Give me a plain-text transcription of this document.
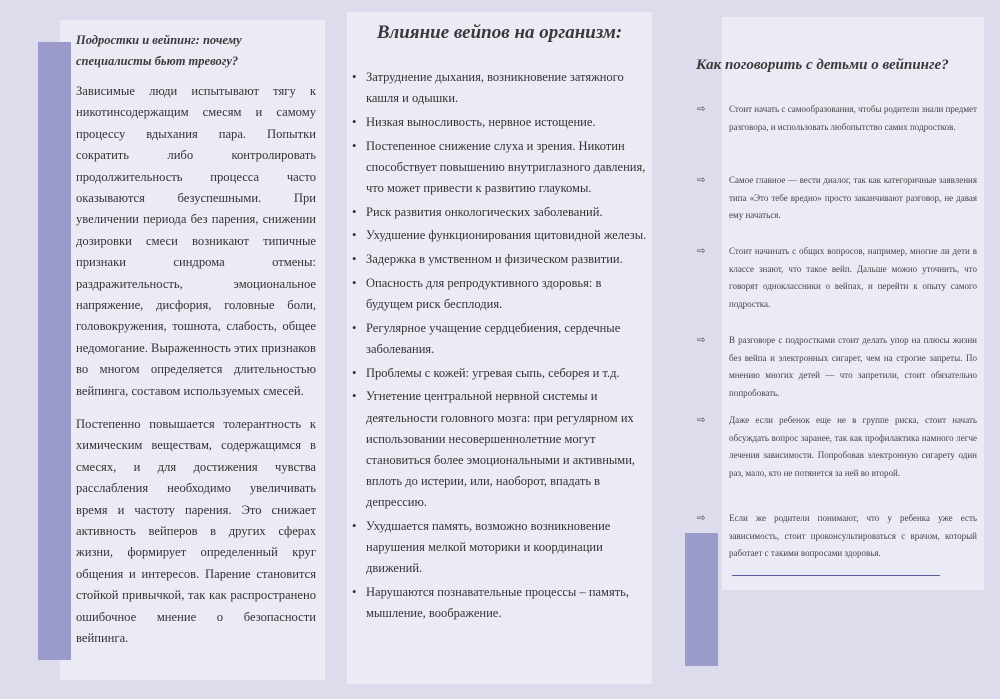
Подростки и вейпинг: почему специалисты бьют тревогу?

Зависимые люди испытывают тягу к никотинсодержащим смесям и самому процессу вдыхания пара. Попытки сократить либо контролировать продолжительность процесса часто оказываются безуспешными. При увеличении периода без парения, снижении дозировки смеси возникают типичные признаки синдрома отмены: раздражительность, эмоциональное напряжение, дисфория, головные боли, головокружения, тошнота, слабость, общее недомогание. Выраженность этих признаков во многом определяется длительностью вейпинга, составом используемых смесей.

Постепенно повышается толерантность к химическим веществам, содержащимся в смесях, и для достижения чувства расслабления необходимо увеличивать время и частоту парения. Это снижает активность вейперов в других сферах жизни, формирует определенный круг общения и интересов. Парение становится стойкой привычкой, так как распространено ошибочное мнение о безопасности вейпинга.

Влияние вейпов на организм:
• Затруднение дыхания, возникновение затяжного кашля и одышки.
• Низкая выносливость, нервное истощение.
• Постепенное снижение слуха и зрения. Никотин способствует повышению внутриглазного давления, что может привести к развитию глаукомы.
• Риск развития онкологических заболеваний.
• Ухудшение функционирования щитовидной железы.
• Задержка в умственном и физическом развитии.
• Опасность для репродуктивного здоровья: в будущем риск бесплодия.
• Регулярное учащение сердцебиения, сердечные заболевания.
• Проблемы с кожей: угревая сыпь, себорея и т.д.
• Угнетение центральной нервной системы и деятельности головного мозга: при регулярном их использовании несовершеннолетние могут становиться более эмоциональными и активными, вплоть до истерии, или, наоборот, впадать в депрессию.
• Ухудшается память, возможно возникновение нарушения мелкой моторики и координации движений.
• Нарушаются познавательные процессы – память, мышление, воображение.
Как поговорить с детьми о вейпинге?
⇨	Стоит начать с самообразования, чтобы родители знали предмет разговора, и использовать любопытство самих подростков.
⇨	Самое главное — вести диалог, так как категоричные заявления типа «Это тебе вредно» просто заканчивают разговор, не давая ему начаться.
⇨	Стоит начинать с общих вопросов, например, многие ли дети в классе знают, что такое вейп. Дальше можно уточнить, что говорят одноклассники о вейпах, и перейти к опыту самого подростка.
⇨	В разговоре с подростками стоит делать упор на плюсы жизни без вейпа и электронных сигарет, чем на строгие запреты. По мнению многих детей — что запретили, стоит обязательно попробовать.
⇨	Даже если ребенок еще не в группе риска, стоит начать обсуждать вопрос заранее, так как профилактика намного легче лечения зависимости. Попробовав электронную сигарету один раз, мало, кто не потянется за ней во второй.
⇨	Если же родители понимают, что у ребенка уже есть зависимость, стоит проконсультироваться с врачом, который работает с такими вопросами здоровья.
